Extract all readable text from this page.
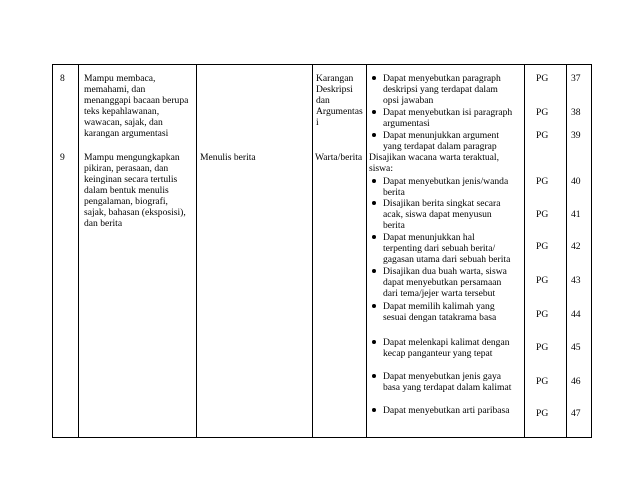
8 Mampu membaca,
memahami, dan
menanggapi bacaan berupa
teks kepahlawanan,
wawacan, sajak, dan
karangan argumentasi
Karangan
Deskripsi
dan
Argumentas
i
9 Mampu mengungkapkan
pikiran, perasaan, dan
keinginan secara tertulis
dalam bentuk menulis
pengalaman, biografi,
sajak, bahasan (eksposisi),
dan berita
Menulis berita	Warta/berita Disajikan wacana warta teraktual,
siswa:
Dapat menyebutkan paragraph
deskripsi yang terdapat dalam
opsi jawaban
Dapat menyebutkan isi paragraph
argumentasi
Dapat menunjukkan argument
yang terdapat dalam paragrap
Dapat menyebutkan jenis/wanda
berita
Disajikan berita singkat secara
acak, siswa dapat menyusun
berita
Dapat menunjukkan hal
terpenting dari sebuah berita/
gagasan utama dari sebuah berita
Disajikan dua buah warta, siswa
dapat menyebutkan persamaan
dari tema/jejer warta tersebut
Dapat memilih kalimah yang
sesuai dengan tatakrama basa
Dapat melenkapi kalimat dengan
kecap panganteur yang tepat
Dapat menyebutkan jenis gaya
basa yang terdapat dalam kalimat
Dapat menyebutkan arti paribasa
PG
PG
PG
PG
PG
PG
PG
PG
PG
PG
PG
37
38
39
40
41
42
43
44
45
46
47
